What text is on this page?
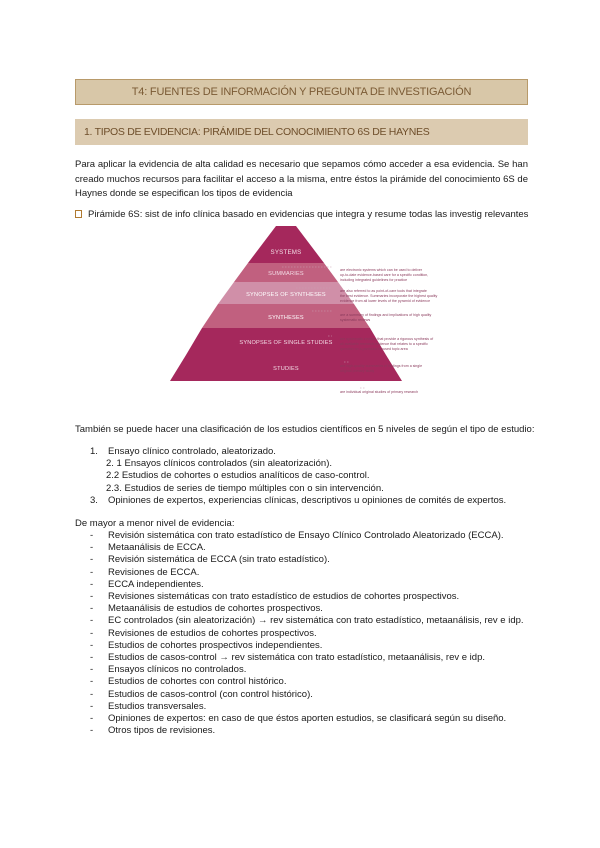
T4: FUENTES DE INFORMACIÓN Y PREGUNTA DE INVESTIGACIÓN
1. TIPOS DE EVIDENCIA: PIRÁMIDE DEL CONOCIMIENTO 6S DE HAYNES

Para aplicar la evidencia de alta calidad es necesario que sepamos cómo acceder a esa evidencia. Se han creado muchos recursos para facilitar el acceso a la misma, entre éstos la pirámide del conocimiento 6S de Haynes donde se especifican los tipos de evidencia

Pirámide 6S: sist de info clínica basado en evidencias que integra y resume todas las investig relevantes
SYSTEMS
SUMMARIES
SYNOPSES OF SYNTHESES
SYNTHESES
SYNOPSES OF SINGLE STUDIES
STUDIES
are electronic systems which can be used to deliver up-to-date evidence-based care for a specific condition, including integrated guidelines for practice
are also referred to as point-of-care tools that integrate the best evidence. Summaries incorporate the highest quality evidence from all lower levels of the pyramid of evidence
are a summary of findings and implications of high quality systematic reviews
are systematic reviews that provide a rigorous synthesis of all available research evidence that relates to a specific question on a particular focused topic area
are high-quality summaries of findings from a single original primary study
are individual original studies of primary research

También se puede hacer una clasificación de los estudios científicos en 5 niveles de según el tipo de estudio:

1. Ensayo clínico controlado, aleatorizado.
2. 1 Ensayos clínicos controlados (sin aleatorización).
2.2 Estudios de cohortes o estudios analíticos de caso-control.
2.3. Estudios de series de tiempo múltiples con o sin intervención.
3. Opiniones de expertos, experiencias clínicas, descriptivos u opiniones de comités de expertos.

De mayor a menor nivel de evidencia:

- Revisión sistemática con trato estadístico de Ensayo Clínico Controlado Aleatorizado (ECCA).
- Metaanálisis de ECCA.
- Revisión sistemática de ECCA (sin trato estadístico).
- Revisiones de ECCA.
- ECCA independientes.
- Revisiones sistemáticas con trato estadístico de estudios de cohortes prospectivos.
- Metaanálisis de estudios de cohortes prospectivos.
- EC controlados (sin aleatorización) → rev sistemática con trato estadístico, metaanálisis, rev e idp.
- Revisiones de estudios de cohortes prospectivos.
- Estudios de cohortes prospectivos independientes.
- Estudios de casos-control → rev sistemática con trato estadístico, metaanálisis, rev e idp.
- Ensayos clínicos no controlados.
- Estudios de cohortes con control histórico.
- Estudios de casos-control (con control histórico).
- Estudios transversales.
- Opiniones de expertos: en caso de que éstos aporten estudios, se clasificará según su diseño.
- Otros tipos de revisiones.
